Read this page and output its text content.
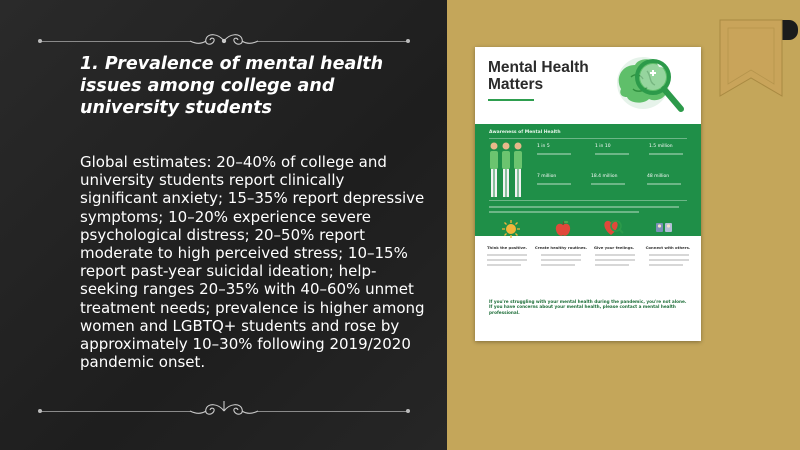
1. Prevalence of mental health issues among college and university students
Global estimates: 20–40% of college and university students report clinically significant anxiety; 15–35% report depressive symptoms; 10–20% experience severe psychological distress; 20–50% report moderate to high perceived stress; 10–15% report past-year suicidal ideation; help-seeking ranges 20–35% with 40–60% unmet treatment needs; prevalence is higher among women and LGBTQ+ students and rose by approximately 10–30% following 2019/2020 pandemic onset.
Mental Health Matters
Awareness of Mental Health
1 in 5	1 in 10	1.5 million
7 million	18.4 million	48 million
Think the positive.	Create healthy routines.	Give your feelings.	Connect with others.
If you're struggling with your mental health during the pandemic, you're not alone. If you have concerns about your mental health, please contact a mental health professional.
